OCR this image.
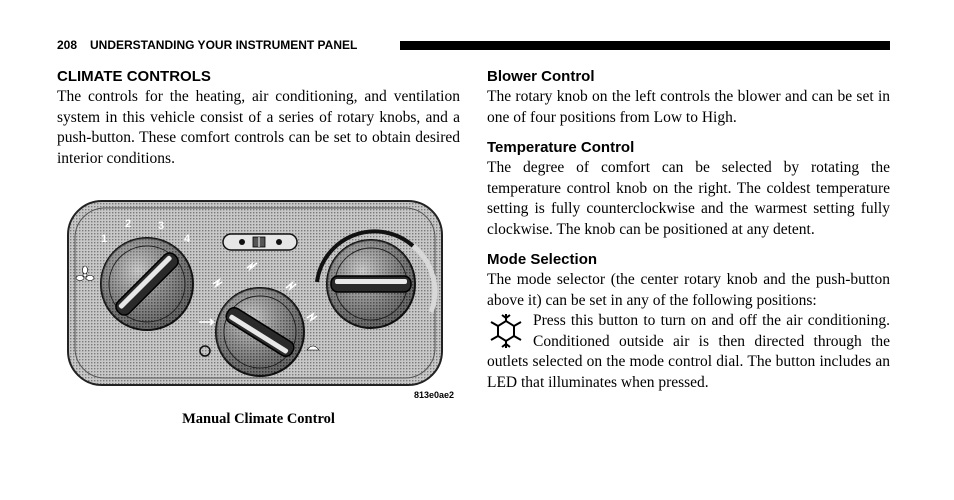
208 UNDERSTANDING YOUR INSTRUMENT PANEL
CLIMATE CONTROLS

The controls for the heating, air conditioning, and ventilation system in this vehicle consist of a series of rotary knobs, and a push-button. These comfort controls can be set to obtain desired interior conditions.

1
2 3
4
813e0ae2
Manual Climate Control
Blower Control

The rotary knob on the left controls the blower and can be set in one of four positions from Low to High.

Temperature Control

The degree of comfort can be selected by rotating the temperature control knob on the right. The coldest temperature setting is fully counterclockwise and the warmest setting fully clockwise. The knob can be positioned at any detent.

Mode Selection

The mode selector (the center rotary knob and the push-button above it) can be set in any of the following positions:

Press this button to turn on and off the air conditioning. Conditioned outside air is then directed through the outlets selected on the mode control dial. The button includes an LED that illuminates when pressed.
